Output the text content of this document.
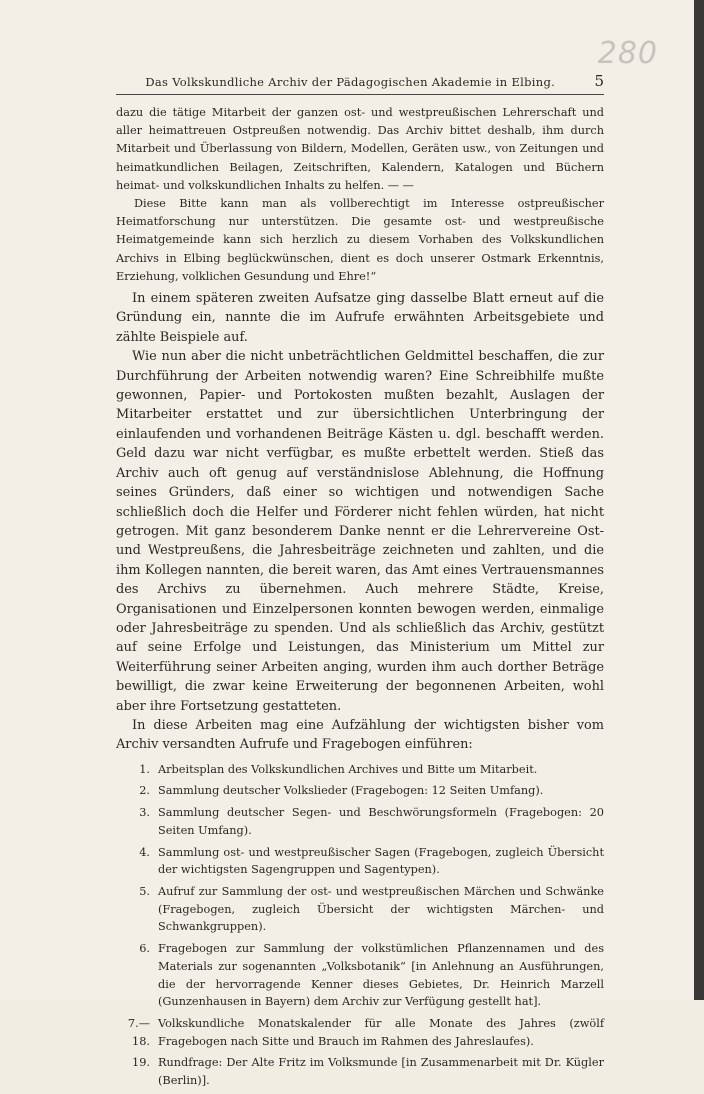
280
Das Volkskundliche Archiv der Pädagogischen Akademie in Elbing.	5

dazu die tätige Mitarbeit der ganzen ost- und westpreußischen Lehrerschaft und aller heimattreuen Ostpreußen notwendig. Das Archiv bittet deshalb, ihm durch Mitarbeit und Überlassung von Bildern, Modellen, Geräten usw., von Zeitungen und heimatkundlichen Beilagen, Zeitschriften, Kalendern, Katalogen und Büchern heimat- und volkskundlichen Inhalts zu helfen. — —

Diese Bitte kann man als vollberechtigt im Interesse ostpreußischer Heimatforschung nur unterstützen. Die gesamte ost- und westpreußische Heimatgemeinde kann sich herzlich zu diesem Vorhaben des Volkskundlichen Archivs in Elbing beglückwünschen, dient es doch unserer Ostmark Erkenntnis, Erziehung, volklichen Gesundung und Ehre!“

In einem späteren zweiten Aufsatze ging dasselbe Blatt erneut auf die Gründung ein, nannte die im Aufrufe erwähnten Arbeitsgebiete und zählte Beispiele auf.

Wie nun aber die nicht unbeträchtlichen Geldmittel beschaffen, die zur Durchführung der Arbeiten notwendig waren? Eine Schreibhilfe mußte gewonnen, Papier- und Portokosten mußten bezahlt, Auslagen der Mitarbeiter erstattet und zur übersichtlichen Unterbringung der einlaufenden und vorhandenen Beiträge Kästen u. dgl. beschafft werden. Geld dazu war nicht verfügbar, es mußte erbettelt werden. Stieß das Archiv auch oft genug auf verständnislose Ablehnung, die Hoffnung seines Gründers, daß einer so wichtigen und notwendigen Sache schließlich doch die Helfer und Förderer nicht fehlen würden, hat nicht getrogen. Mit ganz besonderem Danke nennt er die Lehrervereine Ost- und Westpreußens, die Jahresbeiträge zeichneten und zahlten, und die ihm Kollegen nannten, die bereit waren, das Amt eines Vertrauensmannes des Archivs zu übernehmen. Auch mehrere Städte, Kreise, Organisationen und Einzelpersonen konnten bewogen werden, einmalige oder Jahresbeiträge zu spenden. Und als schließlich das Archiv, gestützt auf seine Erfolge und Leistungen, das Ministerium um Mittel zur Weiterführung seiner Arbeiten anging, wurden ihm auch dorther Beträge bewilligt, die zwar keine Erweiterung der begonnenen Arbeiten, wohl aber ihre Fortsetzung gestatteten.

In diese Arbeiten mag eine Aufzählung der wichtigsten bisher vom Archiv versandten Aufrufe und Fragebogen einführen:

1. Arbeitsplan des Volkskundlichen Archives und Bitte um Mitarbeit.
2. Sammlung deutscher Volkslieder (Fragebogen: 12 Seiten Umfang).
3. Sammlung deutscher Segen- und Beschwörungsformeln (Fragebogen: 20 Seiten Umfang).
4. Sammlung ost- und westpreußischer Sagen (Fragebogen, zugleich Übersicht der wichtigsten Sagengruppen und Sagentypen).
5. Aufruf zur Sammlung der ost- und westpreußischen Märchen und Schwänke (Fragebogen, zugleich Übersicht der wichtigsten Märchen- und Schwankgruppen).
6. Fragebogen zur Sammlung der volkstümlichen Pflanzennamen und des Materials zur sogenannten „Volksbotanik“ [in Anlehnung an Ausführungen, die der hervorragende Kenner dieses Gebietes, Dr. Heinrich Marzell (Gunzenhausen in Bayern) dem Archiv zur Verfügung gestellt hat].
7.—18.
Volkskundliche Monatskalender für alle Monate des Jahres (zwölf Fragebogen nach Sitte und Brauch im Rahmen des Jahreslaufes).
19. Rundfrage: Der Alte Fritz im Volksmunde [in Zusammenarbeit mit Dr. Kügler (Berlin)].
